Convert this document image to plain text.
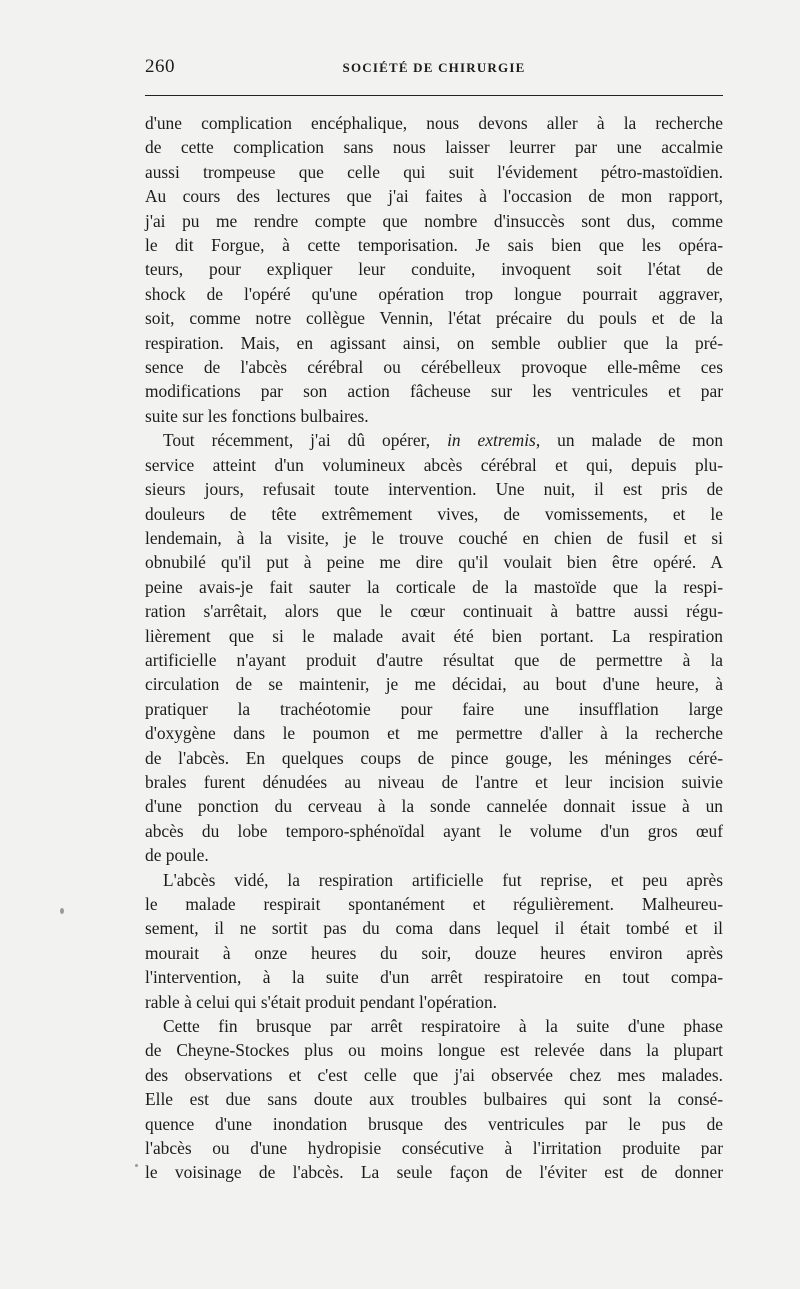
260	SOCIÉTÉ DE CHIRURGIE
d'une complication encéphalique, nous devons aller à la recherche
de cette complication sans nous laisser leurrer par une accalmie
aussi trompeuse que celle qui suit l'évidement pétro-mastoïdien.
Au cours des lectures que j'ai faites à l'occasion de mon rapport,
j'ai pu me rendre compte que nombre d'insuccès sont dus, comme
le dit Forgue, à cette temporisation. Je sais bien que les opéra-
teurs, pour expliquer leur conduite, invoquent soit l'état de
shock de l'opéré qu'une opération trop longue pourrait aggraver,
soit, comme notre collègue Vennin, l'état précaire du pouls et de la
respiration. Mais, en agissant ainsi, on semble oublier que la pré-
sence de l'abcès cérébral ou cérébelleux provoque elle-même ces
modifications par son action fâcheuse sur les ventricules et par
suite sur les fonctions bulbaires.
Tout récemment, j'ai dû opérer, in extremis, un malade de mon
service atteint d'un volumineux abcès cérébral et qui, depuis plu-
sieurs jours, refusait toute intervention. Une nuit, il est pris de
douleurs de tête extrêmement vives, de vomissements, et le
lendemain, à la visite, je le trouve couché en chien de fusil et si
obnubilé qu'il put à peine me dire qu'il voulait bien être opéré. A
peine avais-je fait sauter la corticale de la mastoïde que la respi-
ration s'arrêtait, alors que le cœur continuait à battre aussi régu-
lièrement que si le malade avait été bien portant. La respiration
artificielle n'ayant produit d'autre résultat que de permettre à la
circulation de se maintenir, je me décidai, au bout d'une heure, à
pratiquer la trachéotomie pour faire une insufflation large
d'oxygène dans le poumon et me permettre d'aller à la recherche
de l'abcès. En quelques coups de pince gouge, les méninges céré-
brales furent dénudées au niveau de l'antre et leur incision suivie
d'une ponction du cerveau à la sonde cannelée donnait issue à un
abcès du lobe temporo-sphénoïdal ayant le volume d'un gros œuf
de poule.
L'abcès vidé, la respiration artificielle fut reprise, et peu après
le malade respirait spontanément et régulièrement. Malheureu-
sement, il ne sortit pas du coma dans lequel il était tombé et il
mourait à onze heures du soir, douze heures environ après
l'intervention, à la suite d'un arrêt respiratoire en tout compa-
rable à celui qui s'était produit pendant l'opération.
Cette fin brusque par arrêt respiratoire à la suite d'une phase
de Cheyne-Stockes plus ou moins longue est relevée dans la plupart
des observations et c'est celle que j'ai observée chez mes malades.
Elle est due sans doute aux troubles bulbaires qui sont la consé-
quence d'une inondation brusque des ventricules par le pus de
l'abcès ou d'une hydropisie consécutive à l'irritation produite par
le voisinage de l'abcès. La seule façon de l'éviter est de donner
